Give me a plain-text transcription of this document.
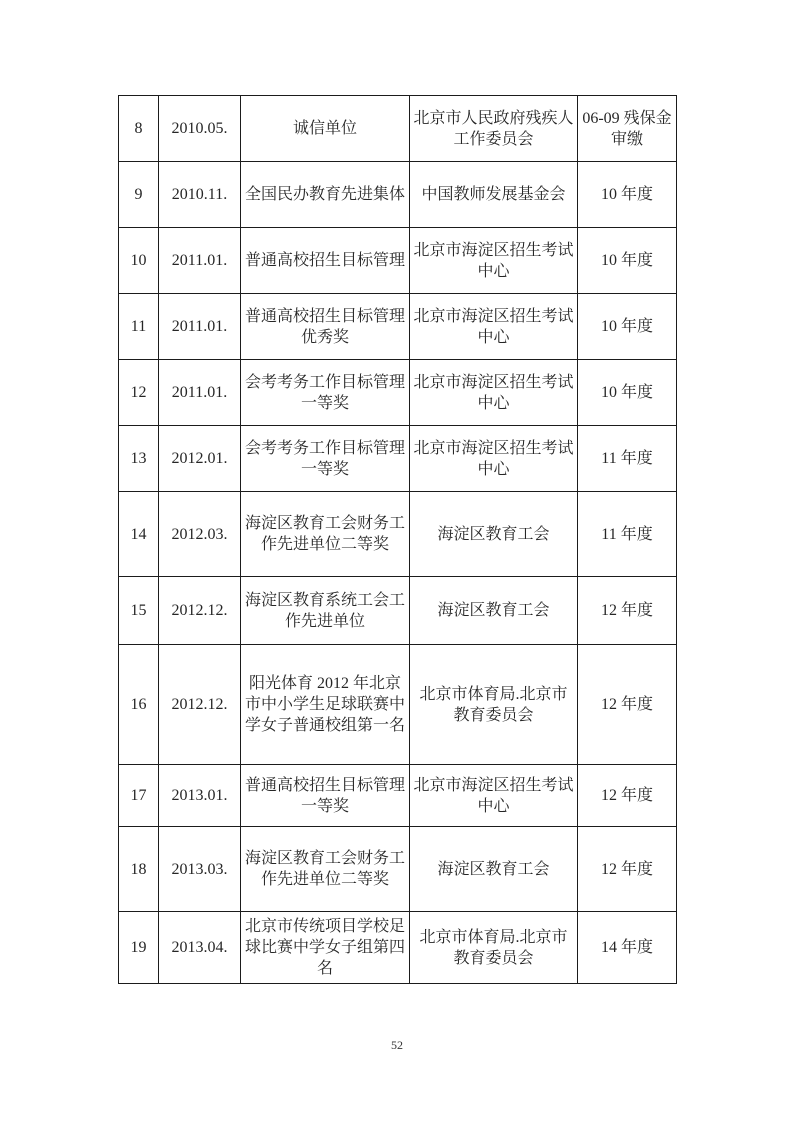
8	2010.05.	诚信单位	北京市人民政府残疾人工作委员会	06-09 残保金审缴
9	2010.11.	全国民办教育先进集体	中国教师发展基金会	10 年度
10	2011.01.	普通高校招生目标管理	北京市海淀区招生考试中心	10 年度
11	2011.01.	普通高校招生目标管理优秀奖	北京市海淀区招生考试中心	10 年度
12	2011.01.	会考考务工作目标管理一等奖	北京市海淀区招生考试中心	10 年度
13	2012.01.	会考考务工作目标管理一等奖	北京市海淀区招生考试中心	11 年度
14	2012.03.	海淀区教育工会财务工作先进单位二等奖	海淀区教育工会	11 年度
15	2012.12.	海淀区教育系统工会工作先进单位	海淀区教育工会	12 年度
16	2012.12.	阳光体育 2012 年北京市中小学生足球联赛中学女子普通校组第一名	北京市体育局.北京市教育委员会	12 年度
17	2013.01.	普通高校招生目标管理一等奖	北京市海淀区招生考试中心	12 年度
18	2013.03.	海淀区教育工会财务工作先进单位二等奖	海淀区教育工会	12 年度
19	2013.04.	北京市传统项目学校足球比赛中学女子组第四名	北京市体育局.北京市教育委员会	14 年度
52
